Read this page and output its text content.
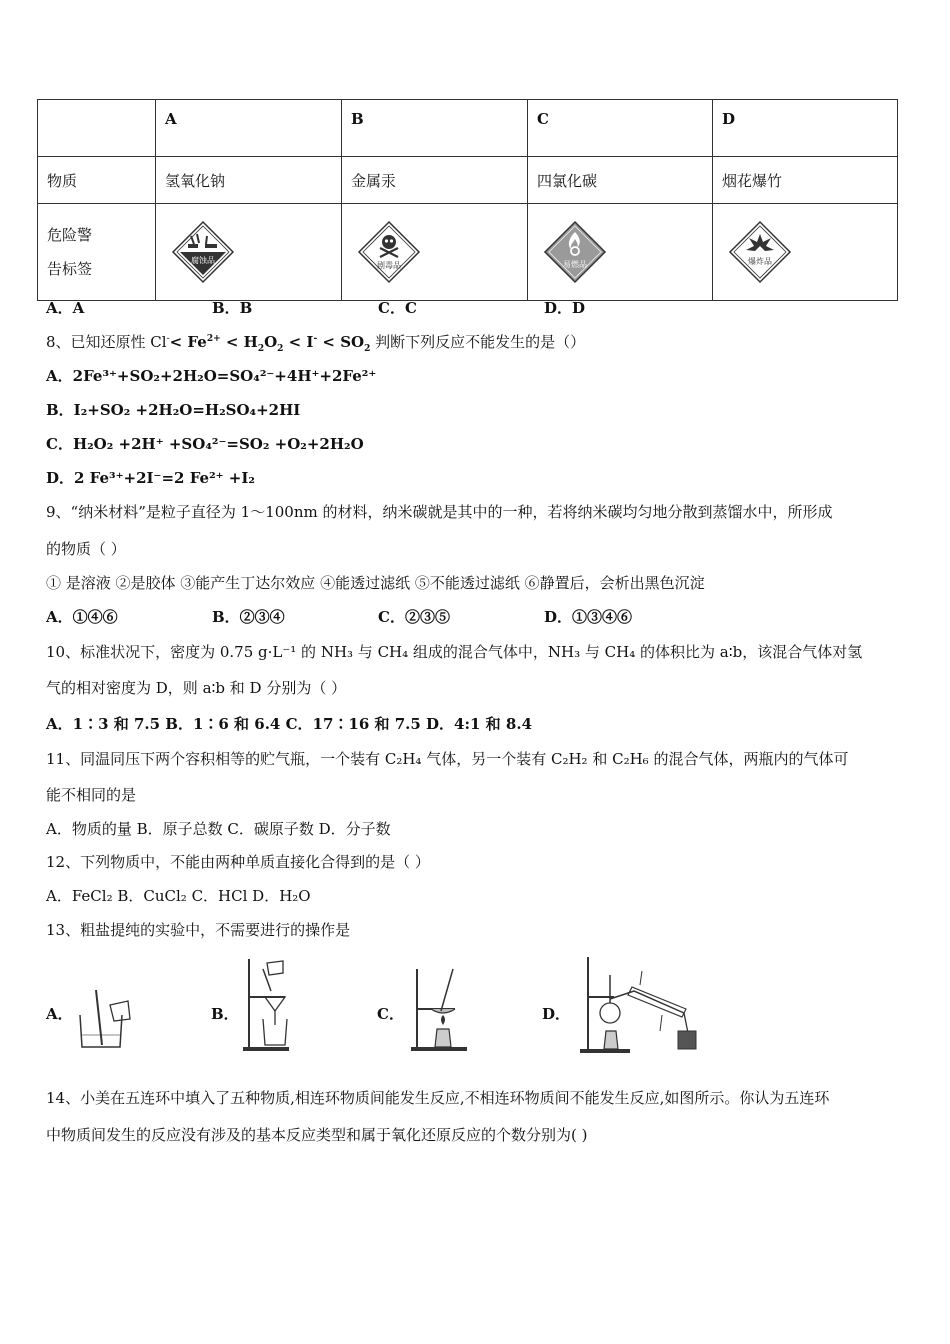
	A	B	C	D
物质	氢氧化钠	金属汞	四氯化碳	烟花爆竹

危险警
告标签	腐蚀品	剧毒品	易燃品	爆炸品
A．A	B．B	C．C	D．D
8、已知还原性 $Cl^-< Fe^{2+} < H_2O_2 < I^- < SO_2$ 判断下列反应不能发生的是（）
A．2Fe³⁺+SO₂+2H₂O=SO₄²⁻+4H⁺+2Fe²⁺
B．I₂+SO₂ +2H₂O=H₂SO₄+2HI
C．H₂O₂ +2H⁺ +SO₄²⁻=SO₂ +O₂+2H₂O
D．2 Fe³⁺+2I⁻=2 Fe²⁺ +I₂
9、“纳米材料”是粒子直径为 1～100nm 的材料，纳米碳就是其中的一种，若将纳米碳均匀地分散到蒸馏水中，所形成
的物质（ ）
① 是溶液 ②是胶体 ③能产生丁达尔效应 ④能透过滤纸 ⑤不能透过滤纸 ⑥静置后，会析出黑色沉淀
A．①④⑥	B．②③④	C．②③⑤	D．①③④⑥
10、标准状况下，密度为 0.75 g·L⁻¹ 的 NH₃ 与 CH₄ 组成的混合气体中，NH₃ 与 CH₄ 的体积比为 a∶b，该混合气体对氢
气的相对密度为 D，则 a∶b 和 D 分别为（ ）
A．1∶3 和 7.5 B．1∶6 和 6.4 C．17∶16 和 7.5 D．4:1 和 8.4
11、同温同压下两个容积相等的贮气瓶，一个装有 C₂H₄ 气体，另一个装有 C₂H₂ 和 C₂H₆ 的混合气体，两瓶内的气体可
能不相同的是
A．物质的量 B．原子总数 C．碳原子数 D．分子数
12、下列物质中，不能由两种单质直接化合得到的是（ ）
A．FeCl₂ B．CuCl₂ C．HCl D．H₂O
13、粗盐提纯的实验中，不需要进行的操作是
A．	B．	C．	D．
14、小美在五连环中填入了五种物质,相连环物质间能发生反应,不相连环物质间不能发生反应,如图所示。你认为五连环
中物质间发生的反应没有涉及的基本反应类型和属于氧化还原反应的个数分别为( )
